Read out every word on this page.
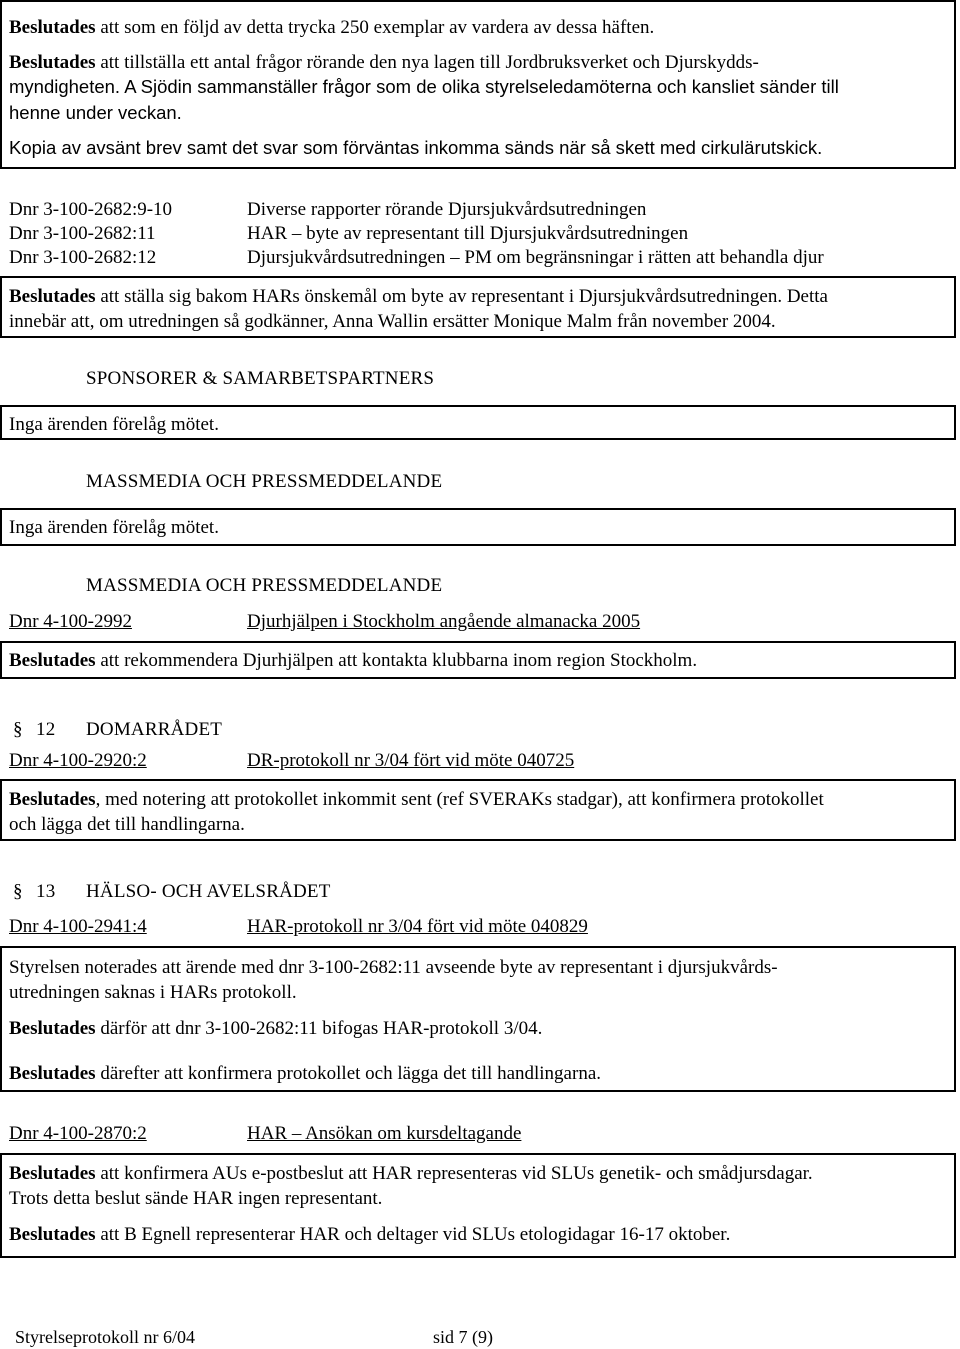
Beslutades att som en följd av detta trycka 250 exemplar av vardera av dessa häften.

Beslutades att tillställa ett antal frågor rörande den nya lagen till Jordbruksverket och Djurskydds-
myndigheten. A Sjödin sammanställer frågor som de olika styrelseledamöterna och kansliet sänder till
henne under veckan.

Kopia av avsänt brev samt det svar som förväntas inkomma sänds när så skett med cirkulärutskick.

Dnr 3-100-2682:9-10	Diverse rapporter rörande Djursjukvårdsutredningen
Dnr 3-100-2682:11	HAR – byte av representant till Djursjukvårdsutredningen
Dnr 3-100-2682:12	Djursjukvårdsutredningen – PM om begränsningar i rätten att behandla djur

Beslutades att ställa sig bakom HARs önskemål om byte av representant i Djursjukvårdsutredningen. Detta
innebär att, om utredningen så godkänner, Anna Wallin ersätter Monique Malm från november 2004.

SPONSORER & SAMARBETSPARTNERS

Inga ärenden förelåg mötet.

MASSMEDIA OCH PRESSMEDDELANDE

Inga ärenden förelåg mötet.

MASSMEDIA OCH PRESSMEDDELANDE
Dnr 4-100-2992	Djurhjälpen i Stockholm angående almanacka 2005

Beslutades att rekommendera Djurhjälpen att kontakta klubbarna inom region Stockholm.

§ 12 DOMARRÅDET
Dnr 4-100-2920:2	DR-protokoll nr 3/04 fört vid möte 040725

Beslutades, med notering att protokollet inkommit sent (ref SVERAKs stadgar), att konfirmera protokollet
och lägga det till handlingarna.

§ 13 HÄLSO- OCH AVELSRÅDET
Dnr 4-100-2941:4	HAR-protokoll nr 3/04 fört vid möte 040829

Styrelsen noterades att ärende med dnr 3-100-2682:11 avseende byte av representant i djursjukvårds-
utredningen saknas i HARs protokoll.

Beslutades därför att dnr 3-100-2682:11 bifogas HAR-protokoll 3/04.

Beslutades därefter att konfirmera protokollet och lägga det till handlingarna.

Dnr 4-100-2870:2	HAR – Ansökan om kursdeltagande

Beslutades att konfirmera AUs e-postbeslut att HAR representeras vid SLUs genetik- och smådjursdagar.
Trots detta beslut sände HAR ingen representant.

Beslutades att B Egnell representerar HAR och deltager vid SLUs etologidagar 16-17 oktober.

Styrelseprotokoll nr 6/04	sid 7 (9)
